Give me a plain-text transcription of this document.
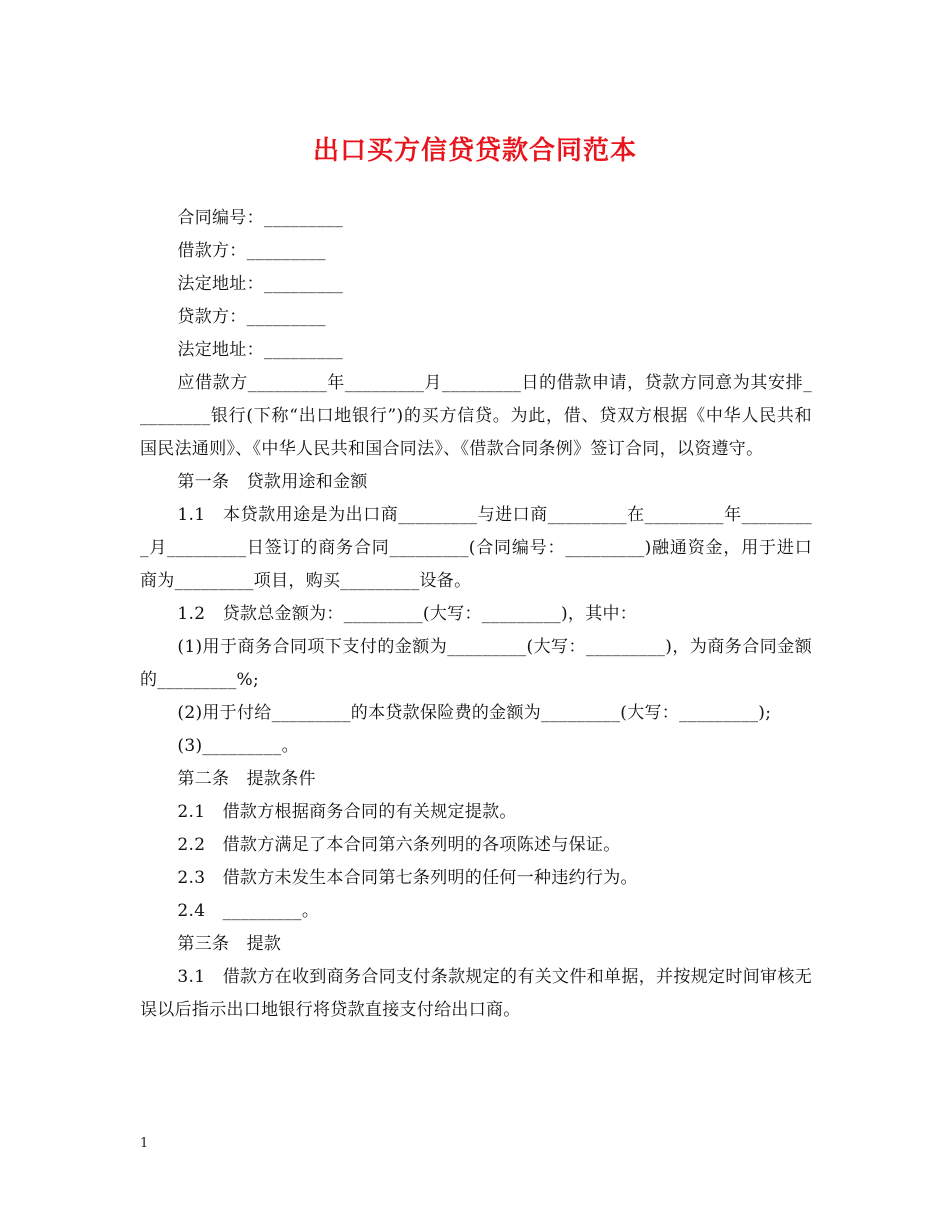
出口买方信贷贷款合同范本

合同编号：_________

借款方：_________

法定地址：_________

贷款方：_________

法定地址：_________

应借款方_________年_________月_________日的借款申请，贷款方同意为其安排_________银行(下称“出口地银行”)的买方信贷。为此，借、贷双方根据《中华人民共和国民法通则》、《中华人民共和国合同法》、《借款合同条例》签订合同，以资遵守。

第一条　贷款用途和金额

1.1　本贷款用途是为出口商_________与进口商_________在_________年_________月_________日签订的商务合同_________(合同编号：_________)融通资金，用于进口商为_________项目，购买_________设备。

1.2　贷款总金额为：_________(大写：_________)，其中：

(1)用于商务合同项下支付的金额为_________(大写：_________)，为商务合同金额的_________%;

(2)用于付给_________的本贷款保险费的金额为_________(大写：_________);

(3)_________。

第二条　提款条件

2.1　借款方根据商务合同的有关规定提款。

2.2　借款方满足了本合同第六条列明的各项陈述与保证。

2.3　借款方未发生本合同第七条列明的任何一种违约行为。

2.4　_________。

第三条　提款

3.1　借款方在收到商务合同支付条款规定的有关文件和单据，并按规定时间审核无误以后指示出口地银行将贷款直接支付给出口商。

1
